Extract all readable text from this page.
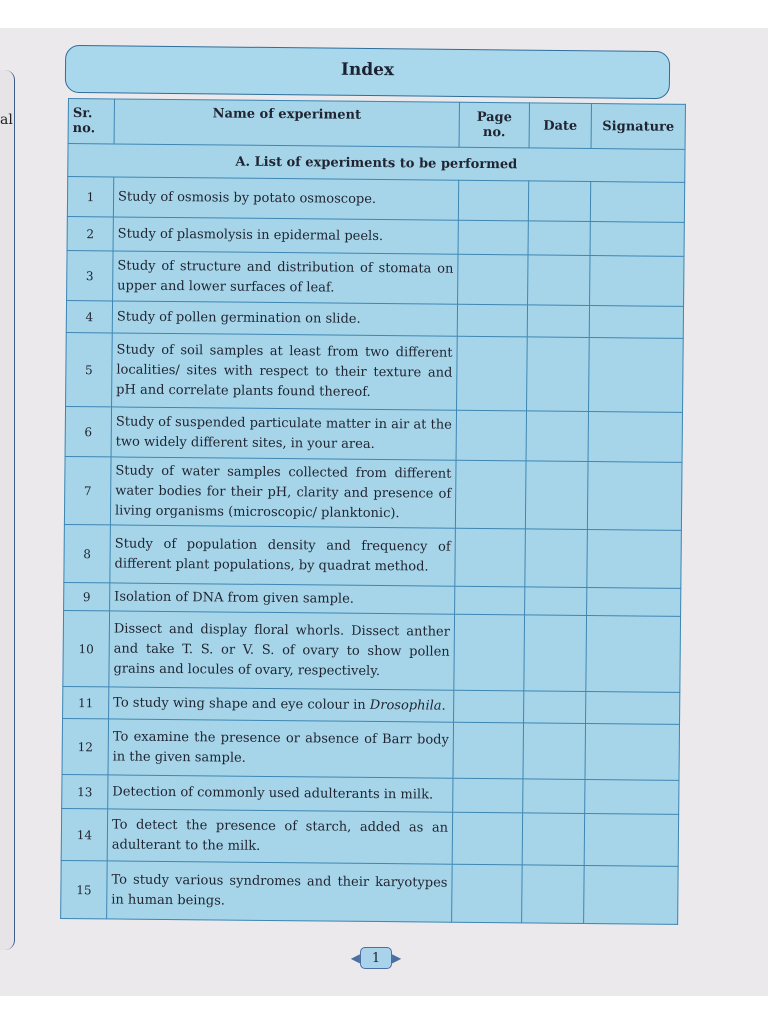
al
Index
Sr. no.	Name of experiment	Page no.	Date	Signature
A. List of experiments to be performed				
1	Study of osmosis by potato osmoscope.			
2	Study of plasmolysis in epidermal peels.			
3	Study of structure and distribution of stomata on upper and lower surfaces of leaf.			
4	Study of pollen germination on slide.			
5	Study of soil samples at least from two different localities/ sites with respect to their texture and pH and correlate plants found thereof.			
6	Study of suspended particulate matter in air at the two widely different sites, in your area.			
7	Study of water samples collected from different water bodies for their pH, clarity and presence of living organisms (microscopic/ planktonic).			
8	Study of population density and frequency of different plant populations, by quadrat method.			
9	Isolation of DNA from given sample.			
10	Dissect and display floral whorls. Dissect anther and take T. S. or V. S. of ovary to show pollen grains and locules of ovary, respectively.			
11	To study wing shape and eye colour in Drosophila.			
12	To examine the presence or absence of Barr body in the given sample.			
13	Detection of commonly used adulterants in milk.			
14	To detect the presence of starch, added as an adulterant to the milk.			
15	To study various syndromes and their karyotypes in human beings.			
◀ 1 ▶
